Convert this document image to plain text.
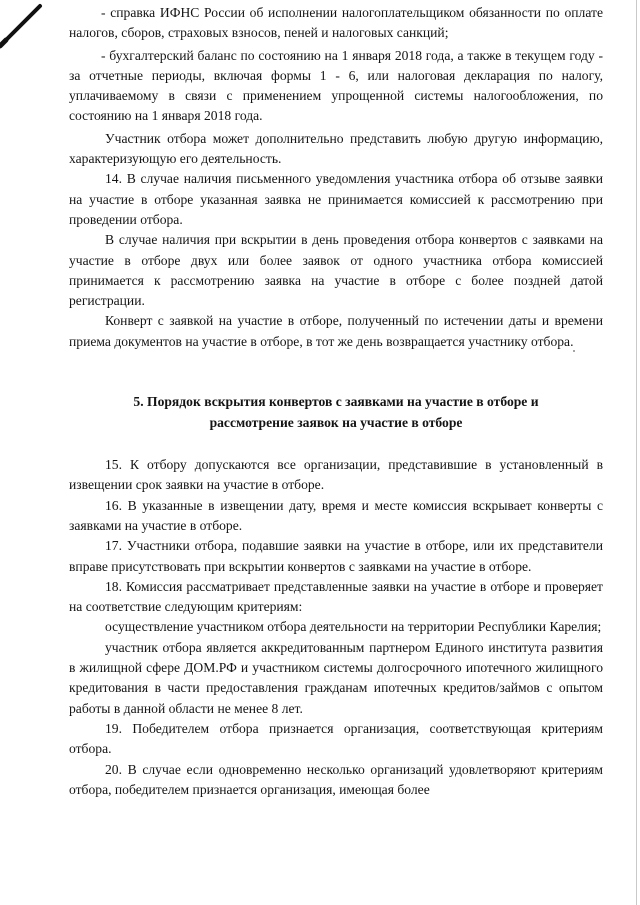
- справка ИФНС России об исполнении налогоплательщиком обязанности по оплате налогов, сборов, страховых взносов, пеней и налоговых санкций;

- бухгалтерский баланс по состоянию на 1 января 2018 года, а также в текущем году - за отчетные периоды, включая формы 1 - 6, или налоговая декларация по налогу, уплачиваемому в связи с применением упрощенной системы налогообложения, по состоянию на 1 января 2018 года.

Участник отбора может дополнительно представить любую другую информацию, характеризующую его деятельность.

14. В случае наличия письменного уведомления участника отбора об отзыве заявки на участие в отборе указанная заявка не принимается комиссией к рассмотрению при проведении отбора.

В случае наличия при вскрытии в день проведения отбора конвертов с заявками на участие в отборе двух или более заявок от одного участника отбора комиссией принимается к рассмотрению заявка на участие в отборе с более поздней датой регистрации.

Конверт с заявкой на участие в отборе, полученный по истечении даты и времени приема документов на участие в отборе, в тот же день возвращается участнику отбора.

5. Порядок вскрытия конвертов с заявками на участие в отборе и

рассмотрение заявок на участие в отборе

15. К отбору допускаются все организации, представившие в установленный в извещении срок заявки на участие в отборе.

16. В указанные в извещении дату, время и месте комиссия вскрывает конверты с заявками на участие в отборе.

17. Участники отбора, подавшие заявки на участие в отборе, или их представители вправе присутствовать при вскрытии конвертов с заявками на участие в отборе.

18. Комиссия рассматривает представленные заявки на участие в отборе и проверяет на соответствие следующим критериям:

осуществление участником отбора деятельности на территории Республики Карелия;

участник отбора является аккредитованным партнером Единого института развития в жилищной сфере ДОМ.РФ и участником системы долгосрочного ипотечного жилищного кредитования в части предоставления гражданам ипотечных кредитов/займов с опытом работы в данной области не менее 8 лет.

19. Победителем отбора признается организация, соответствующая критериям отбора.

20. В случае если одновременно несколько организаций удовлетворяют критериям отбора, победителем признается организация, имеющая более
